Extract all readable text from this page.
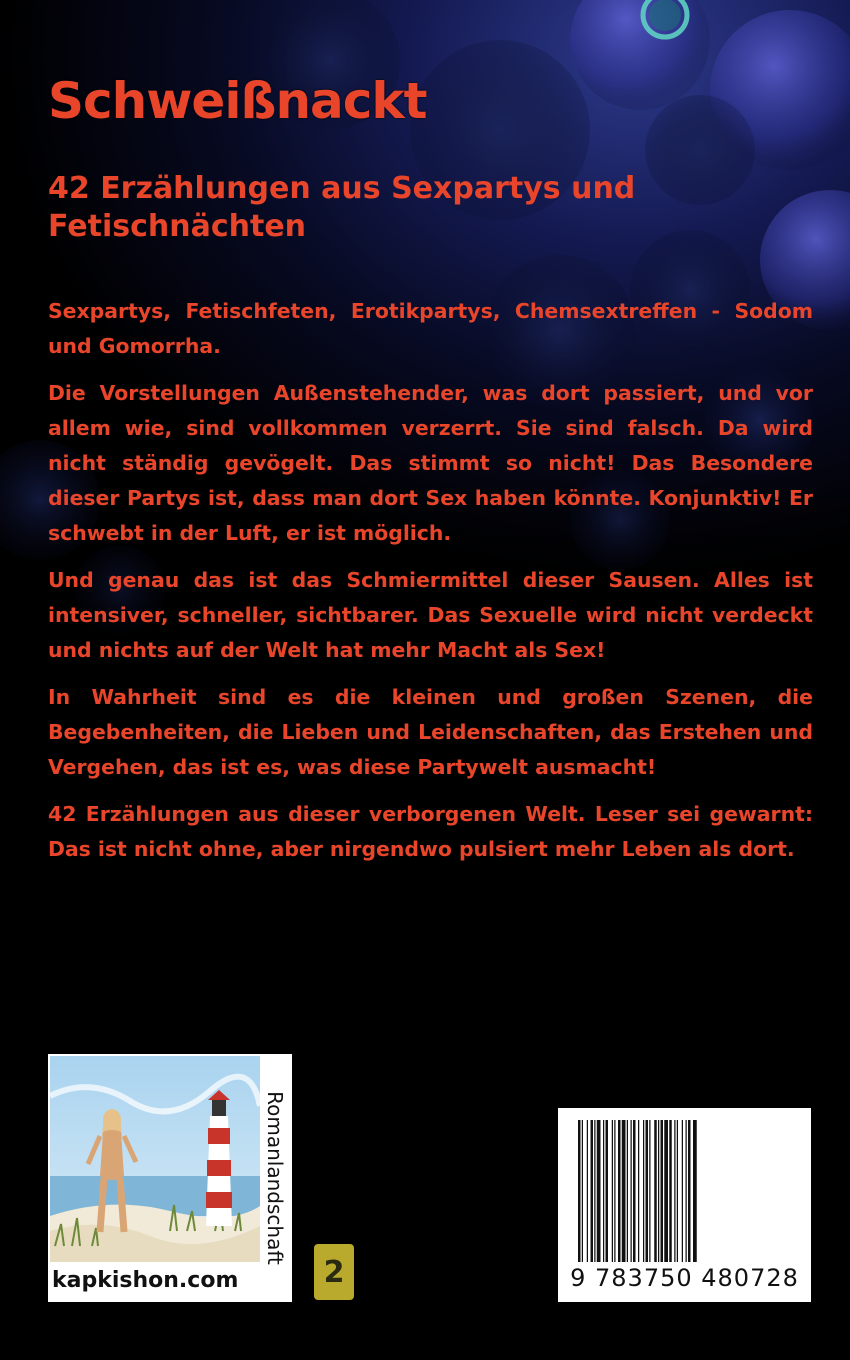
Schweißnackt
42 Erzählungen aus Sexpartys und Fetischnächten

Sexpartys, Fetischfeten, Erotikpartys, Chemsextreffen - Sodom und Gomorrha.

Die Vorstellungen Außenstehender, was dort passiert, und vor allem wie, sind vollkommen verzerrt. Sie sind falsch. Da wird nicht ständig gevögelt. Das stimmt so nicht! Das Besondere dieser Partys ist, dass man dort Sex haben könnte. Konjunktiv! Er schwebt in der Luft, er ist möglich.

Und genau das ist das Schmiermittel dieser Sausen. Alles ist intensiver, schneller, sichtbarer. Das Sexuelle wird nicht verdeckt und nichts auf der Welt hat mehr Macht als Sex!

In Wahrheit sind es die kleinen und großen Szenen, die Begebenheiten, die Lieben und Leidenschaften, das Erstehen und Vergehen, das ist es, was diese Partywelt ausmacht!

42 Erzählungen aus dieser verborgenen Welt. Leser sei gewarnt: Das ist nicht ohne, aber nirgendwo pulsiert mehr Leben als dort.

Romanlandschaft
kapkishon.com	2	9 783750 480728
